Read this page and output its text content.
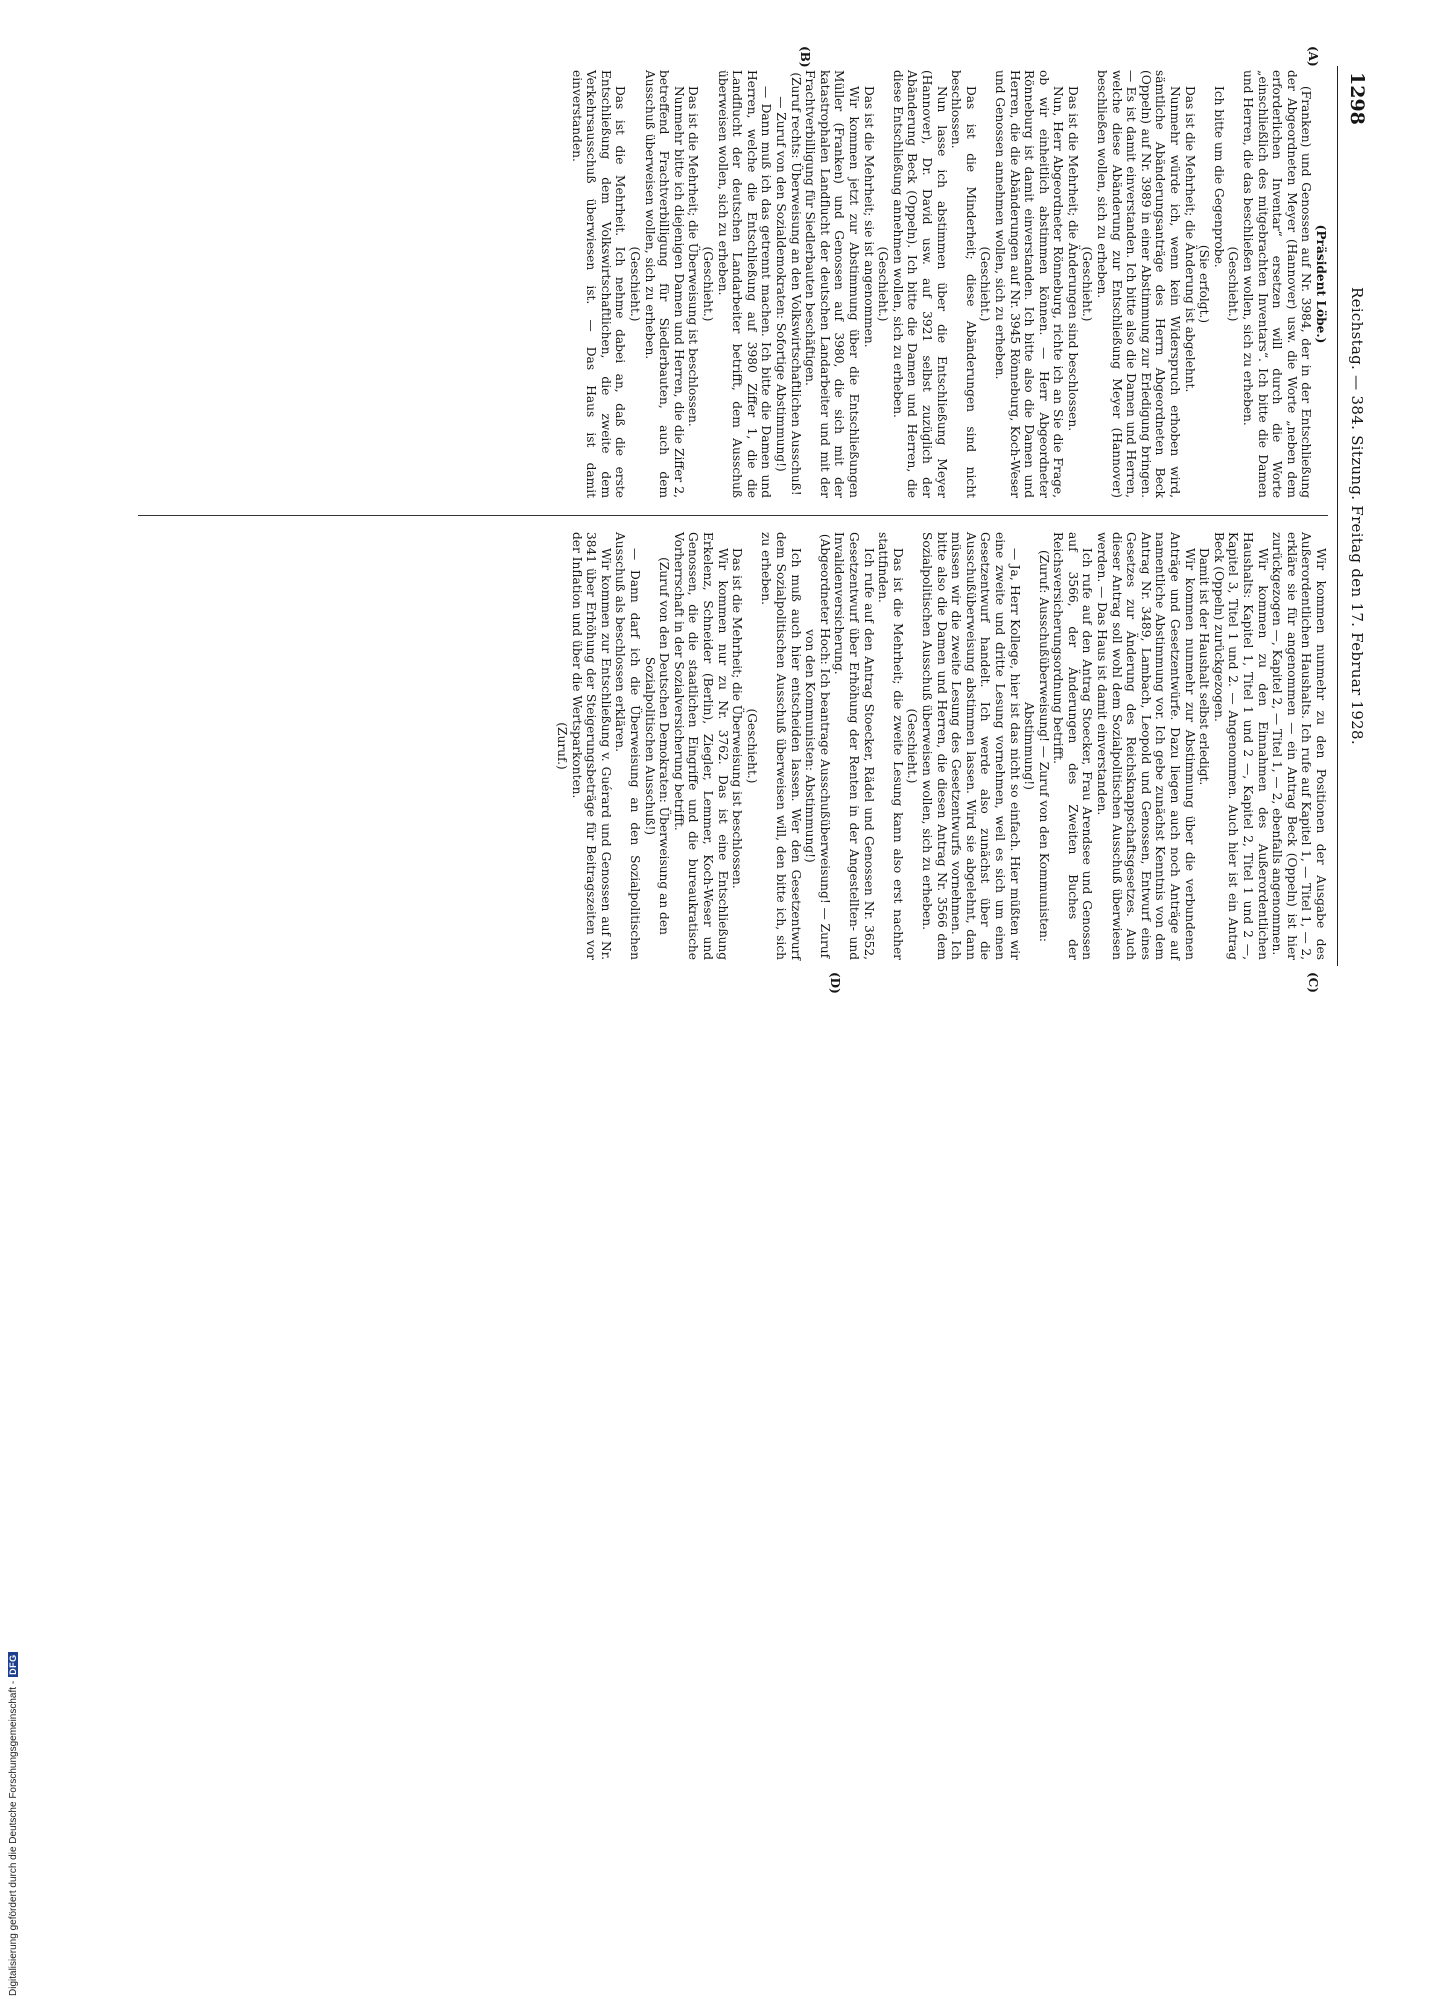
1298
Reichstag. — 384. Sitzung. Freitag den 17. Februar 1928.
(A)
(B)
(C)
(D)

(Präsident Löbe.)

(Franken) und Genossen auf Nr. 3984, der in der Entschließung der Abgeordneten Meyer (Hannover) usw. die Worte „neben dem erforderlichen Inventar“ ersetzen will durch die Worte „einschließlich des mitgebrachten Inventars“. Ich bitte die Damen und Herren, die das beschließen wollen, sich zu erheben.

(Geschieht.)

Ich bitte um die Gegenprobe.

(Sie erfolgt.)

Das ist die Mehrheit; die Änderung ist abgelehnt.

Nunmehr würde ich, wenn kein Widerspruch erhoben wird, sämtliche Abänderungsanträge des Herrn Abgeordneten Beck (Oppeln) auf Nr. 3989 in einer Abstimmung zur Erledigung bringen. — Es ist damit einverstanden. Ich bitte also die Damen und Herren, welche diese Abänderung zur Entschließung Meyer (Hannover) beschließen wollen, sich zu erheben.

(Geschieht.)

Das ist die Mehrheit; die Änderungen sind beschlossen.

Nun, Herr Abgeordneter Rönneburg, richte ich an Sie die Frage, ob wir einheitlich abstimmen können. — Herr Abgeordneter Rönneburg ist damit einverstanden. Ich bitte also die Damen und Herren, die die Abänderungen auf Nr. 3945 Rönneburg, Koch-Weser und Genossen annehmen wollen, sich zu erheben.

(Geschieht.)

Das ist die Minderheit; diese Abänderungen sind nicht beschlossen.

Nun lasse ich abstimmen über die Entschließung Meyer (Hannover), Dr. David usw. auf 3921 selbst zuzüglich der Abänderung Beck (Oppeln). Ich bitte die Damen und Herren, die diese Entschließung annehmen wollen, sich zu erheben.

(Geschieht.)

Das ist die Mehrheit; sie ist angenommen.

Wir kommen jetzt zur Abstimmung über die Entschließungen Müller (Franken) und Genossen auf 3980, die sich mit der katastrophalen Landflucht der deutschen Landarbeiter und mit der Frachtverbilligung für Siedlerbauten beschäftigen.

(Zuruf rechts: Überweisung an den Volkswirtschaftlichen Ausschuß! — Zuruf von den Sozialdemokraten: Sofortige Abstimmung!)

— Dann muß ich das getrennt machen. Ich bitte die Damen und Herren, welche die Entschließung auf 3980 Ziffer 1, die die Landflucht der deutschen Landarbeiter betrifft, dem Ausschuß überweisen wollen, sich zu erheben.

(Geschieht.)

Das ist die Mehrheit; die Überweisung ist beschlossen.

Nunmehr bitte ich diejenigen Damen und Herren, die die Ziffer 2, betreffend Frachtverbilligung für Siedlerbauten, auch dem Ausschuß überweisen wollen, sich zu erheben.

(Geschieht.)

Das ist die Mehrheit. Ich nehme dabei an, daß die erste Entschließung dem Volkswirtschaftlichen, die zweite dem Verkehrsausschuß überwiesen ist. — Das Haus ist damit einverstanden.

Wir kommen nunmehr zu den Positionen der Ausgabe des Außerordentlichen Haushalts. Ich rufe auf Kapitel 1, — Titel 1, — 2, erkläre sie für angenommen — ein Antrag Beck (Oppeln) ist hier zurückgezogen —, Kapitel 2, — Titel 1, — 2, ebenfalls angenommen.

Wir kommen zu den Einnahmen des Außerordentlichen Haushalts: Kapitel 1, Titel 1 und 2 —, Kapitel 2, Titel 1 und 2 —, Kapitel 3, Titel 1 und 2. — Angenommen. Auch hier ist ein Antrag Beck (Oppeln) zurückgezogen.

Damit ist der Haushalt selbst erledigt.

Wir kommen nunmehr zur Abstimmung über die verbundenen Anträge und Gesetzentwürfe. Dazu liegen auch noch Anträge auf namentliche Abstimmung vor. Ich gebe zunächst Kenntnis von dem Antrag Nr. 3489, Lambach, Leopold und Genossen, Entwurf eines Gesetzes zur Änderung des Reichsknappschaftsgesetzes. Auch dieser Antrag soll wohl dem Sozialpolitischen Ausschuß überwiesen werden. — Das Haus ist damit einverstanden.

Ich rufe auf den Antrag Stoecker, Frau Arendsee und Genossen auf 3566, der Änderungen des Zweiten Buches der Reichsversicherungsordnung betrifft.

(Zuruf: Ausschußüberweisung! — Zuruf von den Kommunisten: Abstimmung!)

— Ja, Herr Kollege, hier ist das nicht so einfach. Hier müßten wir eine zweite und dritte Lesung vornehmen, weil es sich um einen Gesetzentwurf handelt. Ich werde also zunächst über die Ausschußüberweisung abstimmen lassen. Wird sie abgelehnt, dann müssen wir die zweite Lesung des Gesetzentwurfs vornehmen. Ich bitte also die Damen und Herren, die diesen Antrag Nr. 3566 dem Sozialpolitischen Ausschuß überweisen wollen, sich zu erheben.

(Geschieht.)

Das ist die Mehrheit; die zweite Lesung kann also erst nachher stattfinden.

Ich rufe auf den Antrag Stoecker, Rädel und Genossen Nr. 3652, Gesetzentwurf über Erhöhung der Renten in der Angestellten- und Invalidenversicherung.

(Abgeordneter Hoch: Ich beantrage Ausschußüberweisung! — Zuruf von den Kommunisten: Abstimmung!)

Ich muß auch hier entscheiden lassen. Wer den Gesetzentwurf dem Sozialpolitischen Ausschuß überweisen will, den bitte ich, sich zu erheben.

(Geschieht.)

Das ist die Mehrheit; die Überweisung ist beschlossen.

Wir kommen nur zu Nr. 3762. Das ist eine Entschließung Erkelenz, Schneider (Berlin), Ziegler, Lemmer, Koch-Weser und Genossen, die die staatlichen Eingriffe und die bureaukratische Vorherrschaft in der Sozialversicherung betrifft.

(Zuruf von den Deutschen Demokraten: Überweisung an den Sozialpolitischen Ausschuß!)

— Dann darf ich die Überweisung an den Sozialpolitischen Ausschuß als beschlossen erklären.

Wir kommen zur Entschließung v. Guérard und Genossen auf Nr. 3841 über Erhöhung der Steigerungsbeträge für Beitragszeiten vor der Inflation und über die Wertsparkonten.

(Zuruf.)

Digitalisierung gefördert durch die Deutsche Forschungsgemeinschaft -DFG
